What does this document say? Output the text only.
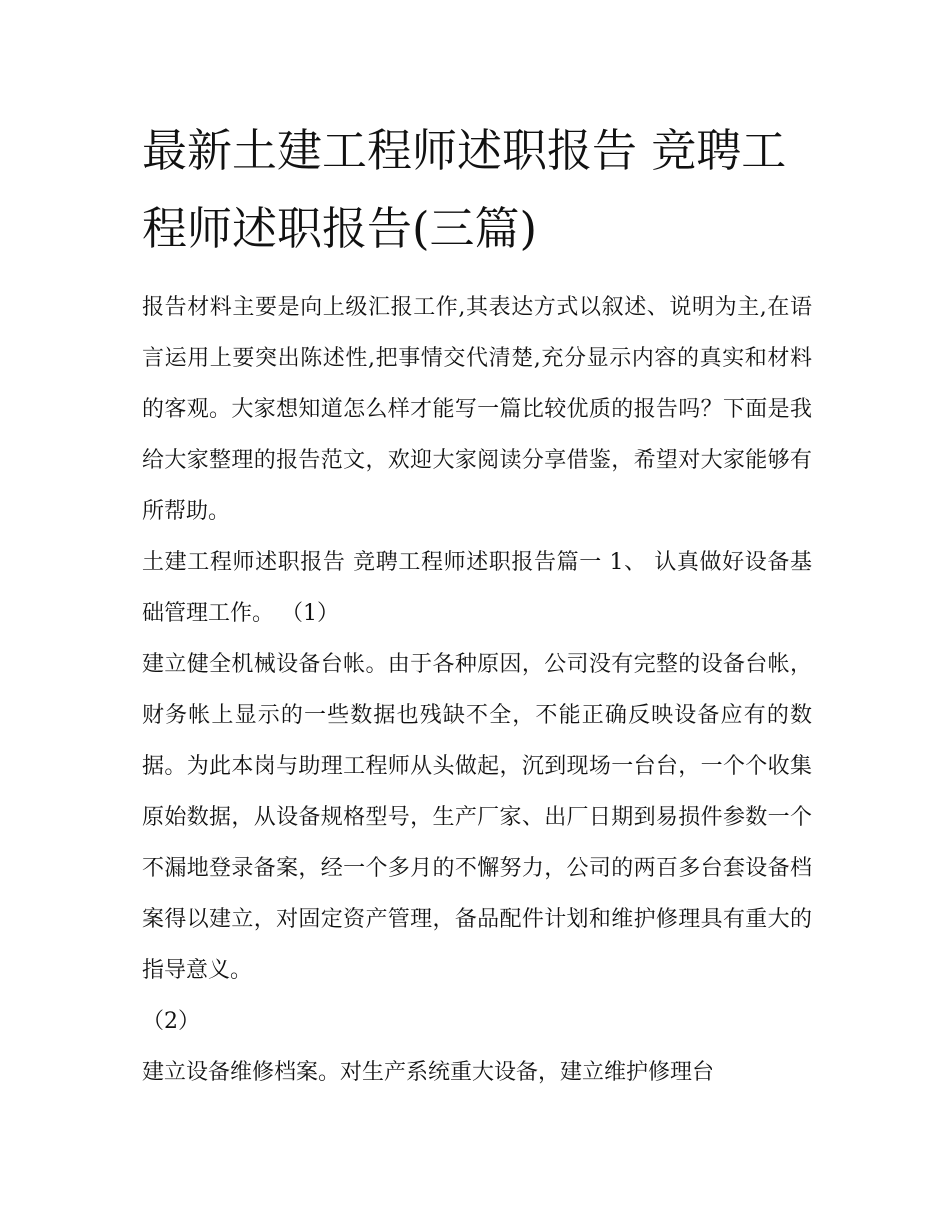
最新土建工程师述职报告 竞聘工程师述职报告(三篇)

报告材料主要是向上级汇报工作,其表达方式以叙述、说明为主,在语言运用上要突出陈述性,把事情交代清楚,充分显示内容的真实和材料的客观。大家想知道怎么样才能写一篇比较优质的报告吗？下面是我给大家整理的报告范文，欢迎大家阅读分享借鉴，希望对大家能够有所帮助。

土建工程师述职报告 竞聘工程师述职报告篇一 1、 认真做好设备基础管理工作。 （1）

建立健全机械设备台帐。由于各种原因，公司没有完整的设备台帐，财务帐上显示的一些数据也残缺不全，不能正确反映设备应有的数据。为此本岗与助理工程师从头做起，沉到现场一台台，一个个收集原始数据，从设备规格型号，生产厂家、出厂日期到易损件参数一个不漏地登录备案，经一个多月的不懈努力，公司的两百多台套设备档案得以建立，对固定资产管理，备品配件计划和维护修理具有重大的指导意义。

（2）

建立设备维修档案。对生产系统重大设备，建立维护修理台
